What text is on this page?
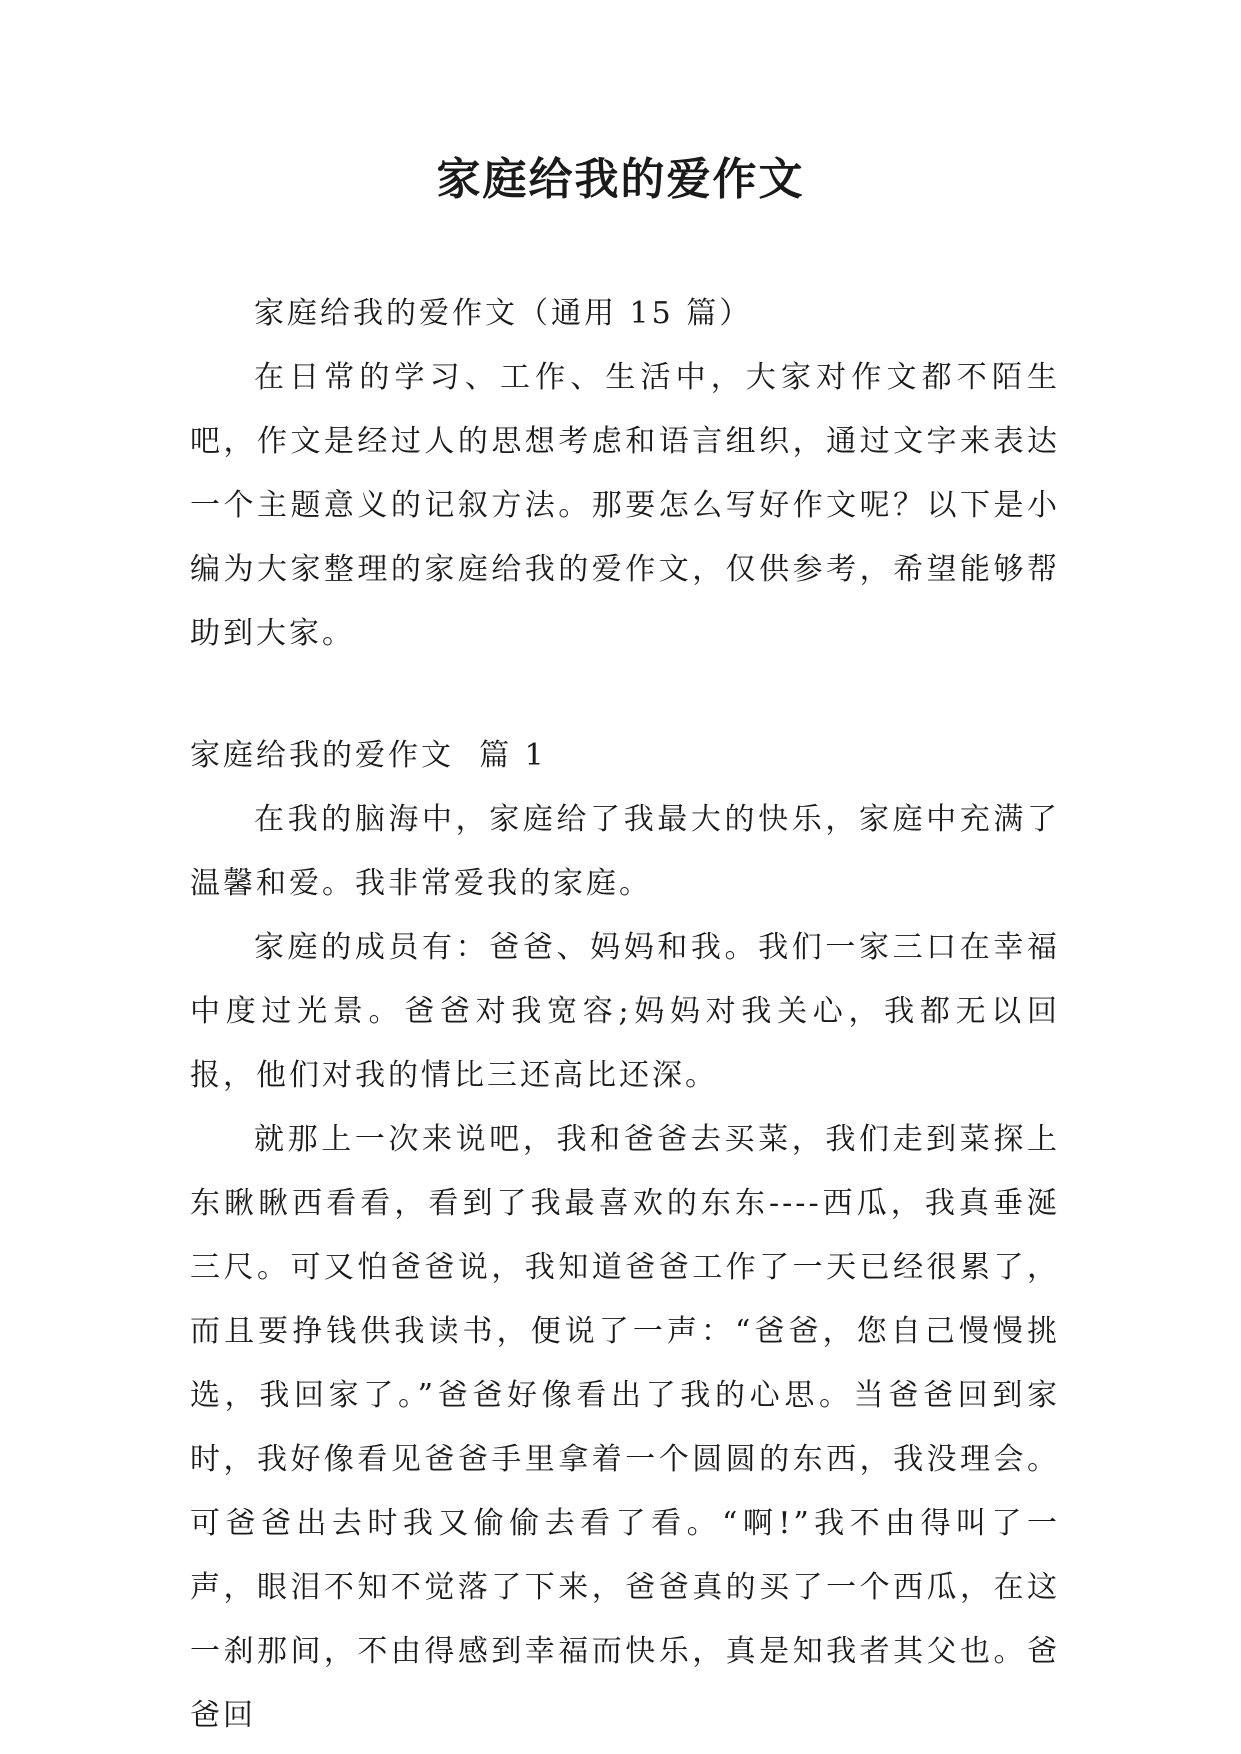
家庭给我的爱作文

家庭给我的爱作文（通用 15 篇）

在日常的学习、工作、生活中，大家对作文都不陌生吧，作文是经过人的思想考虑和语言组织，通过文字来表达一个主题意义的记叙方法。那要怎么写好作文呢？以下是小编为大家整理的家庭给我的爱作文，仅供参考，希望能够帮助到大家。

家庭给我的爱作文  篇 1

在我的脑海中，家庭给了我最大的快乐，家庭中充满了温馨和爱。我非常爱我的家庭。

家庭的成员有：爸爸、妈妈和我。我们一家三口在幸福中度过光景。爸爸对我宽容;妈妈对我关心，我都无以回报，他们对我的情比三还高比还深。

就那上一次来说吧，我和爸爸去买菜，我们走到菜探上东瞅瞅西看看，看到了我最喜欢的东东----西瓜，我真垂涎三尺。可又怕爸爸说，我知道爸爸工作了一天已经很累了，而且要挣钱供我读书，便说了一声：“爸爸，您自己慢慢挑选，我回家了。”爸爸好像看出了我的心思。当爸爸回到家时，我好像看见爸爸手里拿着一个圆圆的东西，我没理会。可爸爸出去时我又偷偷去看了看。“啊!”我不由得叫了一声，眼泪不知不觉落了下来，爸爸真的买了一个西瓜，在这一刹那间，不由得感到幸福而快乐，真是知我者其父也。爸爸回
